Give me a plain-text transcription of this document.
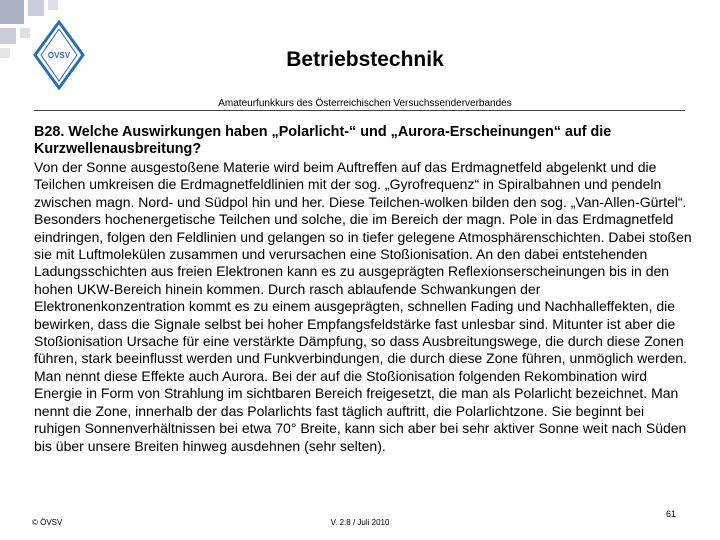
ÖVSV	Betriebstechnik
Amateurfunkkurs des Österreichischen Versuchssenderverbandes
B28. Welche Auswirkungen haben „Polarlicht-“ und „Aurora-Erscheinungen“ auf die Kurzwellenausbreitung?
Von der Sonne ausgestoßene Materie wird beim Auftreffen auf das Erdmagnetfeld abgelenkt und die Teilchen umkreisen die Erdmagnetfeldlinien mit der sog. „Gyrofrequenz“ in Spiralbahnen und pendeln zwischen magn. Nord- und Südpol hin und her. Diese Teilchen-wolken bilden den sog. „Van-Allen-Gürtel“. Besonders hochenergetische Teilchen und solche, die im Bereich der magn. Pole in das Erdmagnetfeld eindringen, folgen den Feldlinien und gelangen so in tiefer gelegene Atmosphärenschichten. Dabei stoßen sie mit Luftmolekülen zusammen und verursachen eine Stoßionisation. An den dabei entstehenden Ladungsschichten aus freien Elektronen kann es zu ausgeprägten Reflexionserscheinungen bis in den hohen UKW-Bereich hinein kommen. Durch rasch ablaufende Schwankungen der Elektronenkonzentration kommt es zu einem ausgeprägten, schnellen Fading und Nachhalleffekten, die bewirken, dass die Signale selbst bei hoher Empfangsfeldstärke fast unlesbar sind. Mitunter ist aber die Stoßionisation Ursache für eine verstärkte Dämpfung, so dass Ausbreitungswege, die durch diese Zonen führen, stark beeinflusst werden und Funkverbindungen, die durch diese Zone führen, unmöglich werden. Man nennt diese Effekte auch Aurora. Bei der auf die Stoßionisation folgenden Rekombination wird Energie in Form von Strahlung im sichtbaren Bereich freigesetzt, die man als Polarlicht bezeichnet. Man nennt die Zone, innerhalb der das Polarlichts fast täglich auftritt, die Polarlichtzone. Sie beginnt bei ruhigen Sonnenverhältnissen bei etwa 70° Breite, kann sich aber bei sehr aktiver Sonne weit nach Süden bis über unsere Breiten hinweg ausdehnen (sehr selten).
© ÖVSV	V. 2.8 / Juli 2010
61
